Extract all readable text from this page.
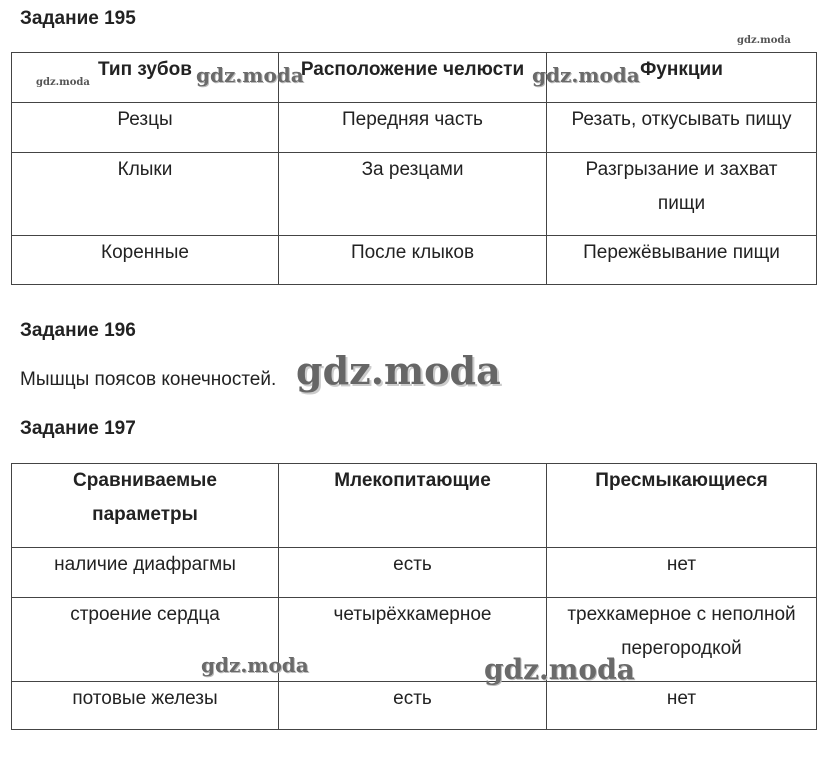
Задание 195
Тип зубов	Расположение челюсти	Функции
Резцы	Передняя часть	Резать, откусывать пищу
Клыки	За резцами	Разгрызание и захват пищи
Коренные	После клыков	Пережёвывание пищи
Задание 196

Мышцы поясов конечностей.

Задание 197
Сравниваемые параметры	Млекопитающие	Пресмыкающиеся
наличие диафрагмы	есть	нет
строение сердца	четырёхкамерное	трехкамерное с неполной перегородкой
потовые железы	есть	нет
gdz.moda
gdz.moda	gdz.moda	gdz.moda
gdz.moda
gdz.moda	gdz.moda
